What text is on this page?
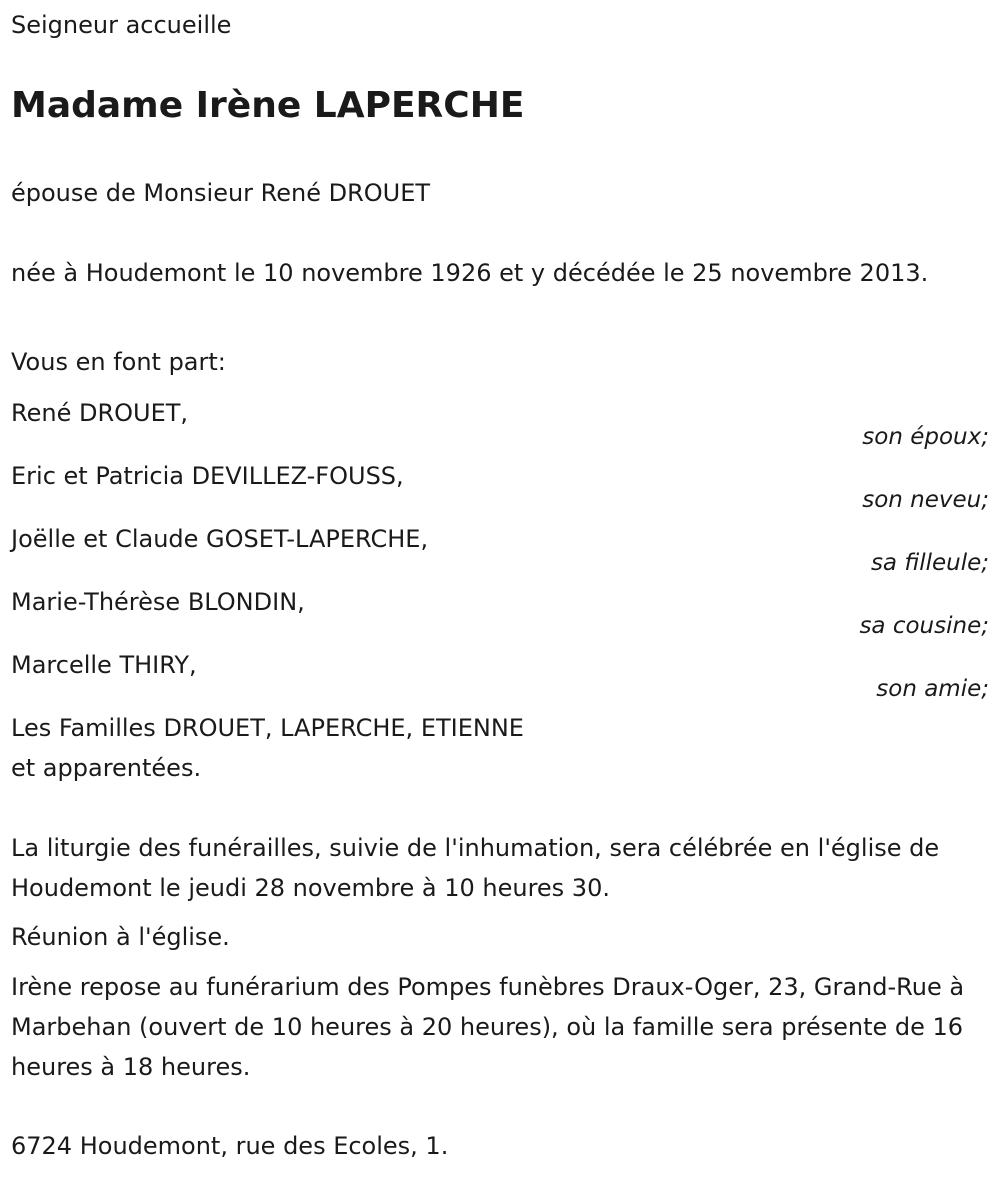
Seigneur accueille
Madame Irène LAPERCHE
épouse de Monsieur René DROUET
née à Houdemont le 10 novembre 1926 et y décédée le 25 novembre 2013.
Vous en font part:
René DROUET,
son époux;
Eric et Patricia DEVILLEZ-FOUSS,
son neveu;
Joëlle et Claude GOSET-LAPERCHE,
sa filleule;
Marie-Thérèse BLONDIN,
sa cousine;
Marcelle THIRY,
son amie;
Les Familles DROUET, LAPERCHE, ETIENNE
et apparentées.
La liturgie des funérailles, suivie de l'inhumation, sera célébrée en l'église de Houdemont le jeudi 28 novembre à 10 heures 30.
Réunion à l'église.
Irène repose au funérarium des Pompes funèbres Draux-Oger, 23, Grand-Rue à Marbehan (ouvert de 10 heures à 20 heures), où la famille sera présente de 16 heures à 18 heures.
6724 Houdemont, rue des Ecoles, 1.
